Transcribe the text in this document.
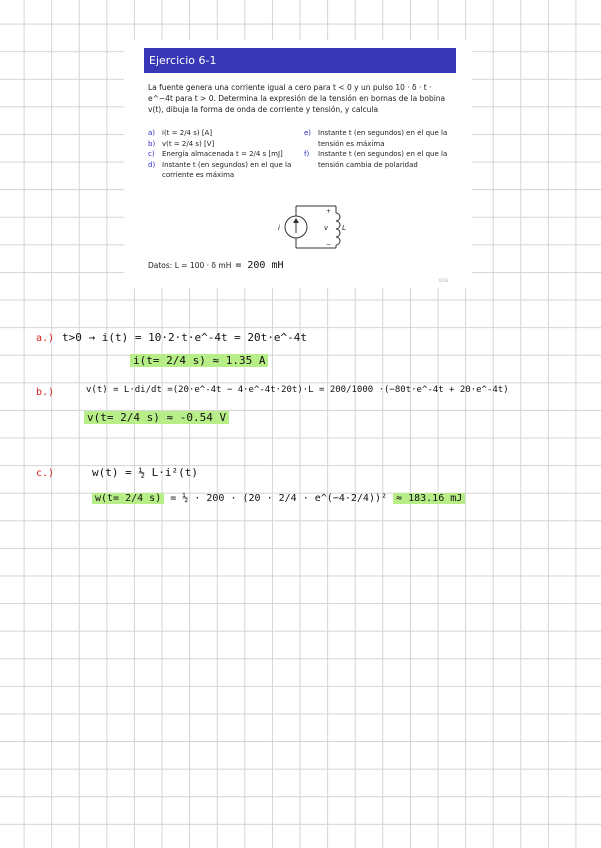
Ejercicio 6-1
La fuente genera una corriente igual a cero para t < 0 y un pulso 10 · δ · t · e^−4t para t > 0. Determina la expresión de la tensión en bornas de la bobina v(t), dibuja la forma de onda de corriente y tensión, y calcula
a) i(t = 2/4 s) [A]
b) v(t = 2/4 s) [V]
c) Energía almacenada t = 2/4 s [mJ]
d) Instante t (en segundos) en el que la corriente es máxima
e) Instante t (en segundos) en el que la tensión es máxima
f) Instante t (en segundos) en el que la tensión cambia de polaridad
i	v
+
−
L
Datos: L = 100 · δ mH = 200 mH
6/16
a.) t>0 → i(t) = 10·2·t·e^-4t = 20t·e^-4t
i(t= 2/4 s) ≈ 1.35 A
b.)	v(t) = L·di/dt =(20·e^-4t − 4·e^-4t·20t)·L = 200/1000 ·(−80t·e^-4t + 20·e^-4t)
v(t= 2/4 s) ≈ -0.54 V
c.)	w(t) = ½ L·i²(t)
w(t= 2/4 s) = ½ · 200 · (20 · 2/4 · e^(−4·2/4))² ≈ 183.16 mJ
